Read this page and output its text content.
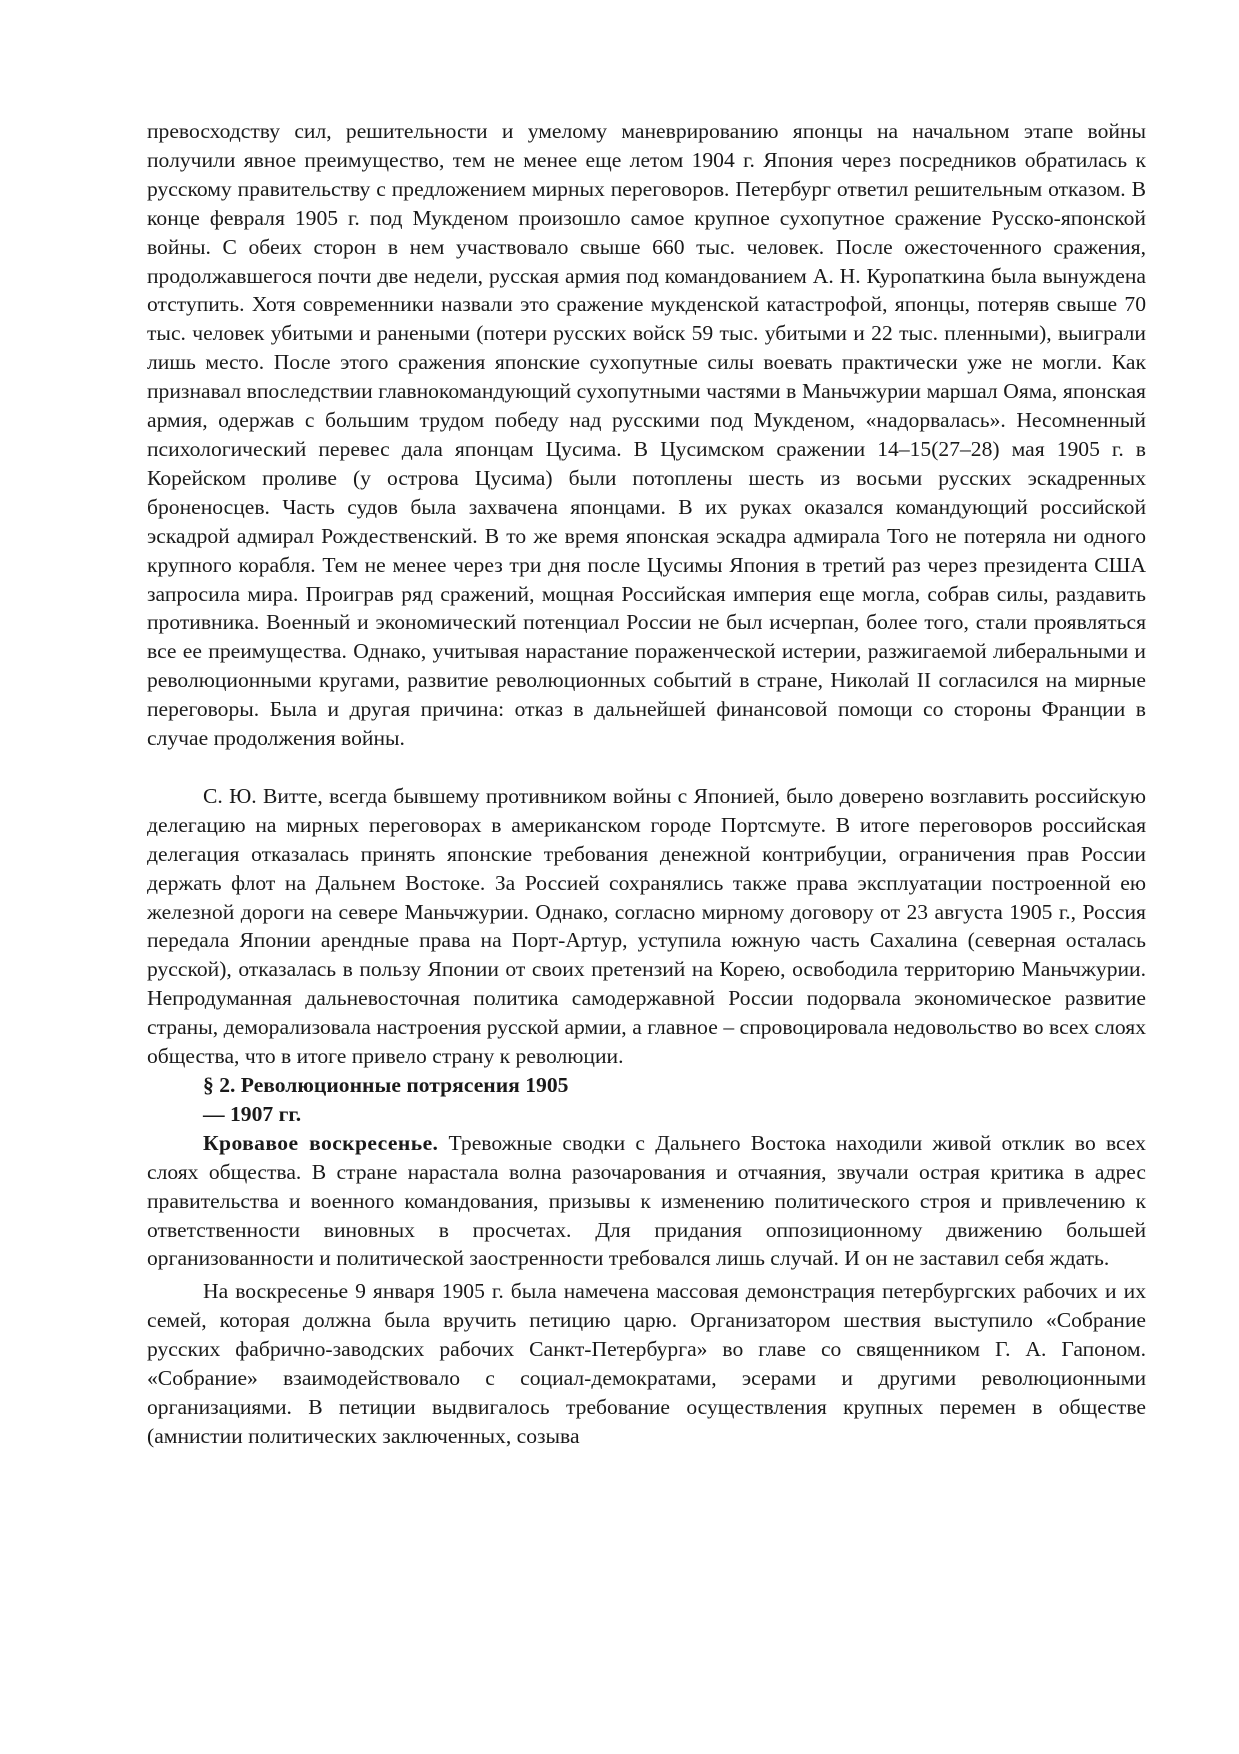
превосходству сил, решительности и умелому маневрированию японцы на начальном этапе войны получили явное преимущество, тем не менее еще летом 1904 г. Япония через посредников обратилась к русскому правительству с предложением мирных переговоров. Петербург ответил решительным отказом. В конце февраля 1905 г. под Мукденом произошло самое крупное сухопутное сражение Русско-японской войны. С обеих сторон в нем участвовало свыше 660 тыс. человек. После ожесточенного сражения, продолжавшегося почти две недели, русская армия под командованием А. Н. Куропаткина была вынуждена отступить. Хотя современники назвали это сражение мукденской катастрофой, японцы, потеряв свыше 70 тыс. человек убитыми и ранеными (потери русских войск 59 тыс. убитыми и 22 тыс. пленными), выиграли лишь место. После этого сражения японские сухопутные силы воевать практически уже не могли. Как признавал впоследствии главнокомандующий сухопутными частями в Маньчжурии маршал Ояма, японская армия, одержав с большим трудом победу над русскими под Мукденом, «надорвалась». Несомненный психологический перевес дала японцам Цусима. В Цусимском сражении 14–15(27–28) мая 1905 г. в Корейском проливе (у острова Цусима) были потоплены шесть из восьми русских эскадренных броненосцев. Часть судов была захвачена японцами. В их руках оказался командующий российской эскадрой адмирал Рождественский. В то же время японская эскадра адмирала Того не потеряла ни одного крупного корабля. Тем не менее через три дня после Цусимы Япония в третий раз через президента США запросила мира. Проиграв ряд сражений, мощная Российская империя еще могла, собрав силы, раздавить противника. Военный и экономический потенциал России не был исчерпан, более того, стали проявляться все ее преимущества. Однако, учитывая нарастание пораженческой истерии, разжигаемой либеральными и революционными кругами, развитие революционных событий в стране, Николай II согласился на мирные переговоры. Была и другая причина: отказ в дальнейшей финансовой помощи со стороны Франции в случае продолжения войны.

С. Ю. Витте, всегда бывшему противником войны с Японией, было доверено возглавить российскую делегацию на мирных переговорах в американском городе Портсмуте. В итоге переговоров российская делегация отказалась принять японские требования денежной контрибуции, ограничения прав России держать флот на Дальнем Востоке. За Россией сохранялись также права эксплуатации построенной ею железной дороги на севере Маньчжурии. Однако, согласно мирному договору от 23 августа 1905 г., Россия передала Японии арендные права на Порт-Артур, уступила южную часть Сахалина (северная осталась русской), отказалась в пользу Японии от своих претензий на Корею, освободила территорию Маньчжурии. Непродуманная дальневосточная политика самодержавной России подорвала экономическое развитие страны, деморализовала настроения русской армии, а главное – спровоцировала недовольство во всех слоях общества, что в итоге привело страну к революции.

§ 2. Революционные потрясения 1905
— 1907 гг.

Кровавое воскресенье. Тревожные сводки с Дальнего Востока находили живой отклик во всех слоях общества. В стране нарастала волна разочарования и отчаяния, звучали острая критика в адрес правительства и военного командования, призывы к изменению политического строя и привлечению к ответственности виновных в просчетах. Для придания оппозиционному движению большей организованности и политической заостренности требовался лишь случай. И он не заставил себя ждать.

На воскресенье 9 января 1905 г. была намечена массовая демонстрация петербургских рабочих и их семей, которая должна была вручить петицию царю. Организатором шествия выступило «Собрание русских фабрично-заводских рабочих Санкт-Петербурга» во главе со священником Г. А. Гапоном. «Собрание» взаимодействовало с социал-демократами, эсерами и другими революционными организациями. В петиции выдвигалось требование осуществления крупных перемен в обществе (амнистии политических заключенных, созыва
